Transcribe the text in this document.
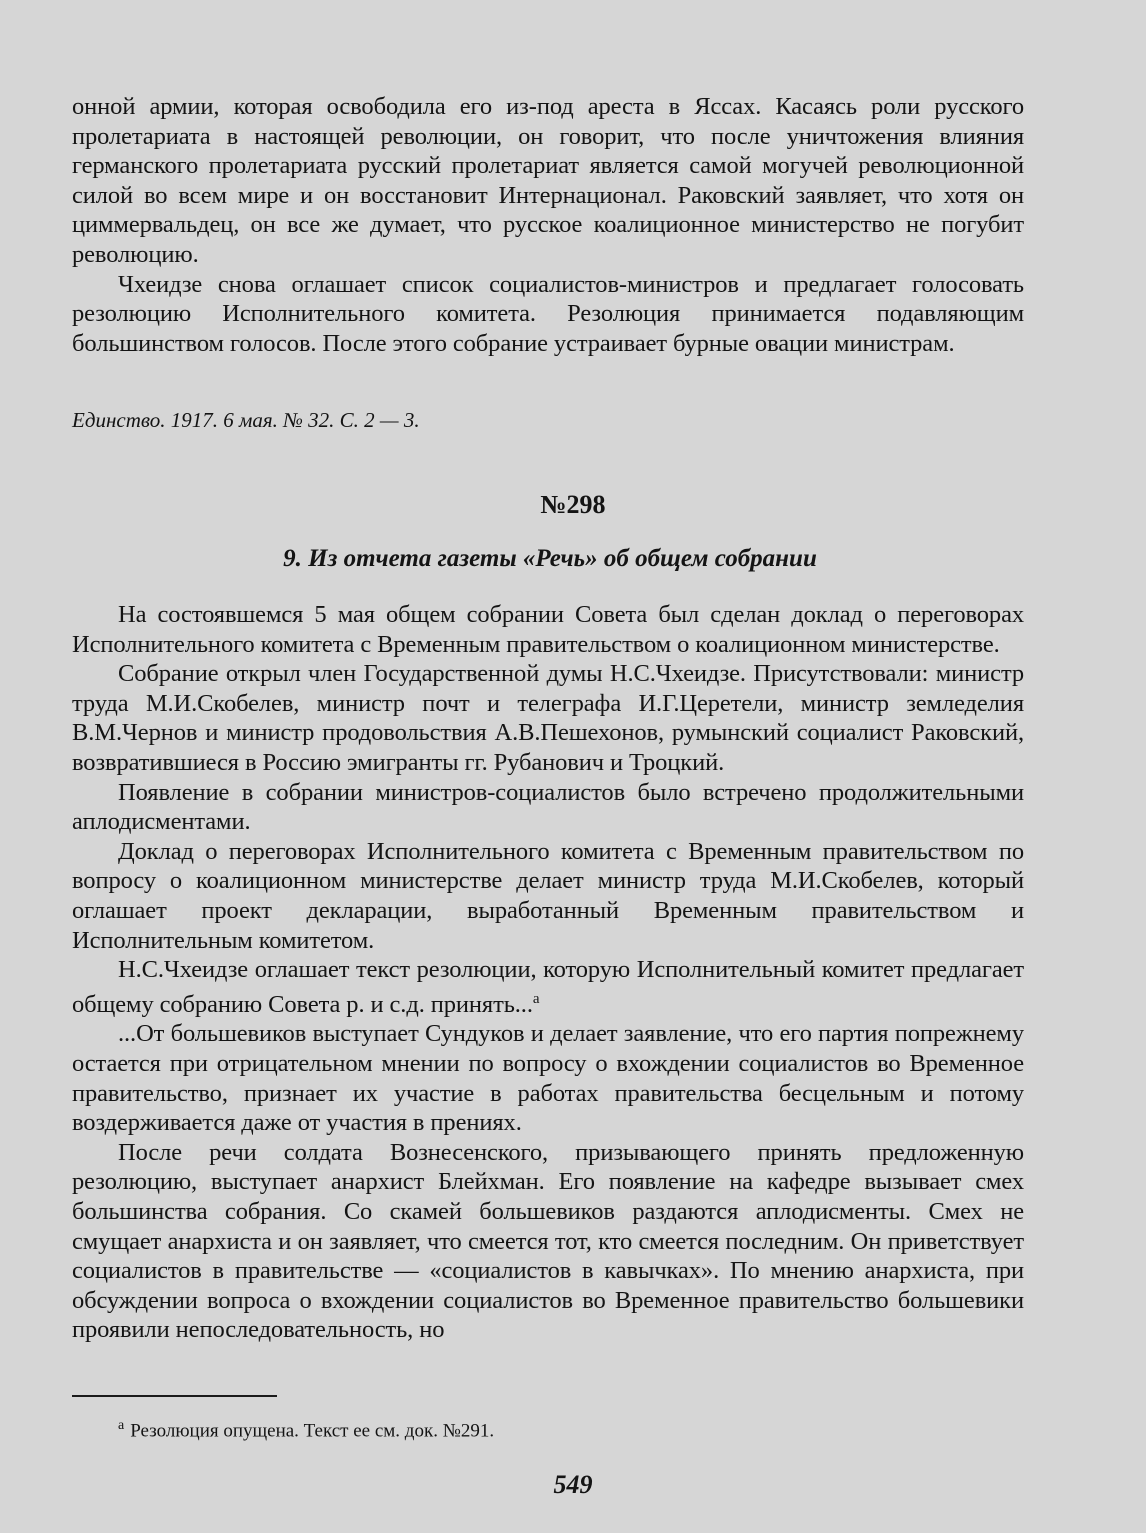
онной армии, которая освободила его из-под ареста в Яссах. Касаясь роли русского пролетариата в настоящей революции, он говорит, что после уничтожения влияния германского пролетариата русский пролетариат является самой могучей революционной силой во всем мире и он восстановит Интернационал. Раковский заявляет, что хотя он циммервальдец, он все же думает, что русское коалиционное министерство не погубит революцию.

Чхеидзе снова оглашает список социалистов-министров и предлагает голосовать резолюцию Исполнительного комитета. Резолюция принимается подавляющим большинством голосов. После этого собрание устраивает бурные овации министрам.

Единство. 1917. 6 мая. № 32. С. 2 — 3.

№298

9. Из отчета газеты «Речь» об общем собрании

На состоявшемся 5 мая общем собрании Совета был сделан доклад о переговорах Исполнительного комитета с Временным правительством о коалиционном министерстве.

Собрание открыл член Государственной думы Н.С.Чхеидзе. Присутствовали: министр труда М.И.Скобелев, министр почт и телеграфа И.Г.Церетели, министр земледелия В.М.Чернов и министр продовольствия А.В.Пешехонов, румынский социалист Раковский, возвратившиеся в Россию эмигранты гг. Рубанович и Троцкий.

Появление в собрании министров-социалистов было встречено продолжительными аплодисментами.

Доклад о переговорах Исполнительного комитета с Временным правительством по вопросу о коалиционном министерстве делает министр труда М.И.Скобелев, который оглашает проект декларации, выработанный Временным правительством и Исполнительным комитетом.

Н.С.Чхеидзе оглашает текст резолюции, которую Исполнительный комитет предлагает общему собранию Совета р. и с.д. принять...$^a$

...От большевиков выступает Сундуков и делает заявление, что его партия попрежнему остается при отрицательном мнении по вопросу о вхождении социалистов во Временное правительство, признает их участие в работах правительства бесцельным и потому воздерживается даже от участия в прениях.

После речи солдата Вознесенского, призывающего принять предложенную резолюцию, выступает анархист Блейхман. Его появление на кафедре вызывает смех большинства собрания. Со скамей большевиков раздаются аплодисменты. Смех не смущает анархиста и он заявляет, что смеется тот, кто смеется последним. Он приветствует социалистов в правительстве — «социалистов в кавычках». По мнению анархиста, при обсуждении вопроса о вхождении социалистов во Временное правительство большевики проявили непоследовательность, но

$^a$ Резолюция опущена. Текст ее см. док. №291.

549
